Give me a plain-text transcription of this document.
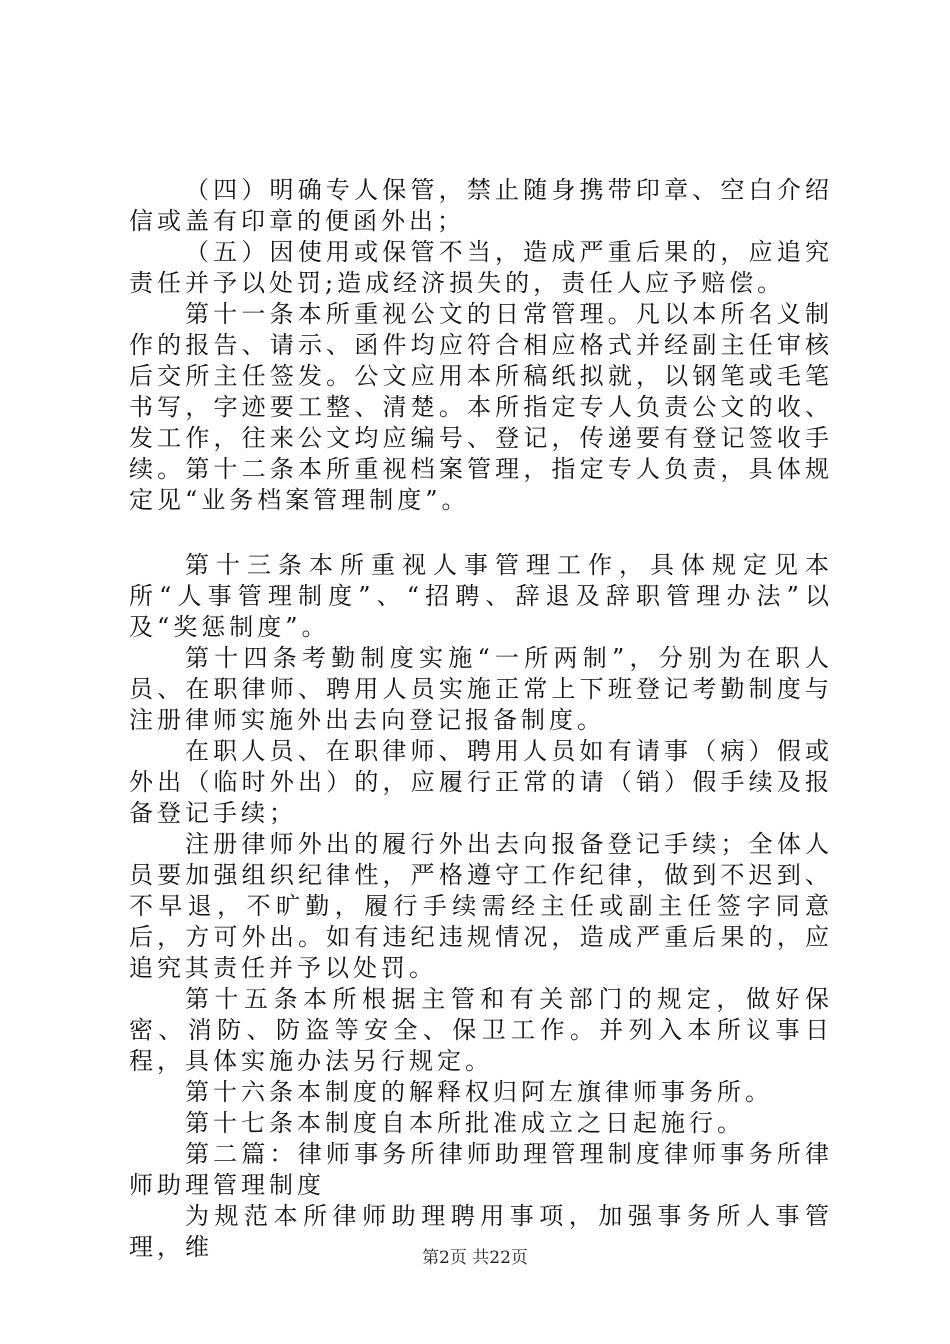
（四）明确专人保管，禁止随身携带印章、空白介绍信或盖有印章的便函外出；

（五）因使用或保管不当，造成严重后果的，应追究责任并予以处罚;造成经济损失的，责任人应予赔偿。

第十一条本所重视公文的日常管理。凡以本所名义制作的报告、请示、函件均应符合相应格式并经副主任审核后交所主任签发。公文应用本所稿纸拟就，以钢笔或毛笔书写，字迹要工整、清楚。本所指定专人负责公文的收、发工作，往来公文均应编号、登记，传递要有登记签收手续。第十二条本所重视档案管理，指定专人负责，具体规定见“业务档案管理制度”。

第十三条本所重视人事管理工作，具体规定见本所“人事管理制度”、“招聘、辞退及辞职管理办法”以及“奖惩制度”。

第十四条考勤制度实施“一所两制”，分别为在职人员、在职律师、聘用人员实施正常上下班登记考勤制度与注册律师实施外出去向登记报备制度。

在职人员、在职律师、聘用人员如有请事（病）假或外出（临时外出）的，应履行正常的请（销）假手续及报备登记手续；

注册律师外出的履行外出去向报备登记手续；全体人员要加强组织纪律性，严格遵守工作纪律，做到不迟到、不早退，不旷勤，履行手续需经主任或副主任签字同意后，方可外出。如有违纪违规情况，造成严重后果的，应追究其责任并予以处罚。

第十五条本所根据主管和有关部门的规定，做好保密、消防、防盗等安全、保卫工作。并列入本所议事日程，具体实施办法另行规定。

第十六条本制度的解释权归阿左旗律师事务所。

第十七条本制度自本所批准成立之日起施行。

第二篇：律师事务所律师助理管理制度律师事务所律师助理管理制度

为规范本所律师助理聘用事项，加强事务所人事管理，维	第2页 共22页
